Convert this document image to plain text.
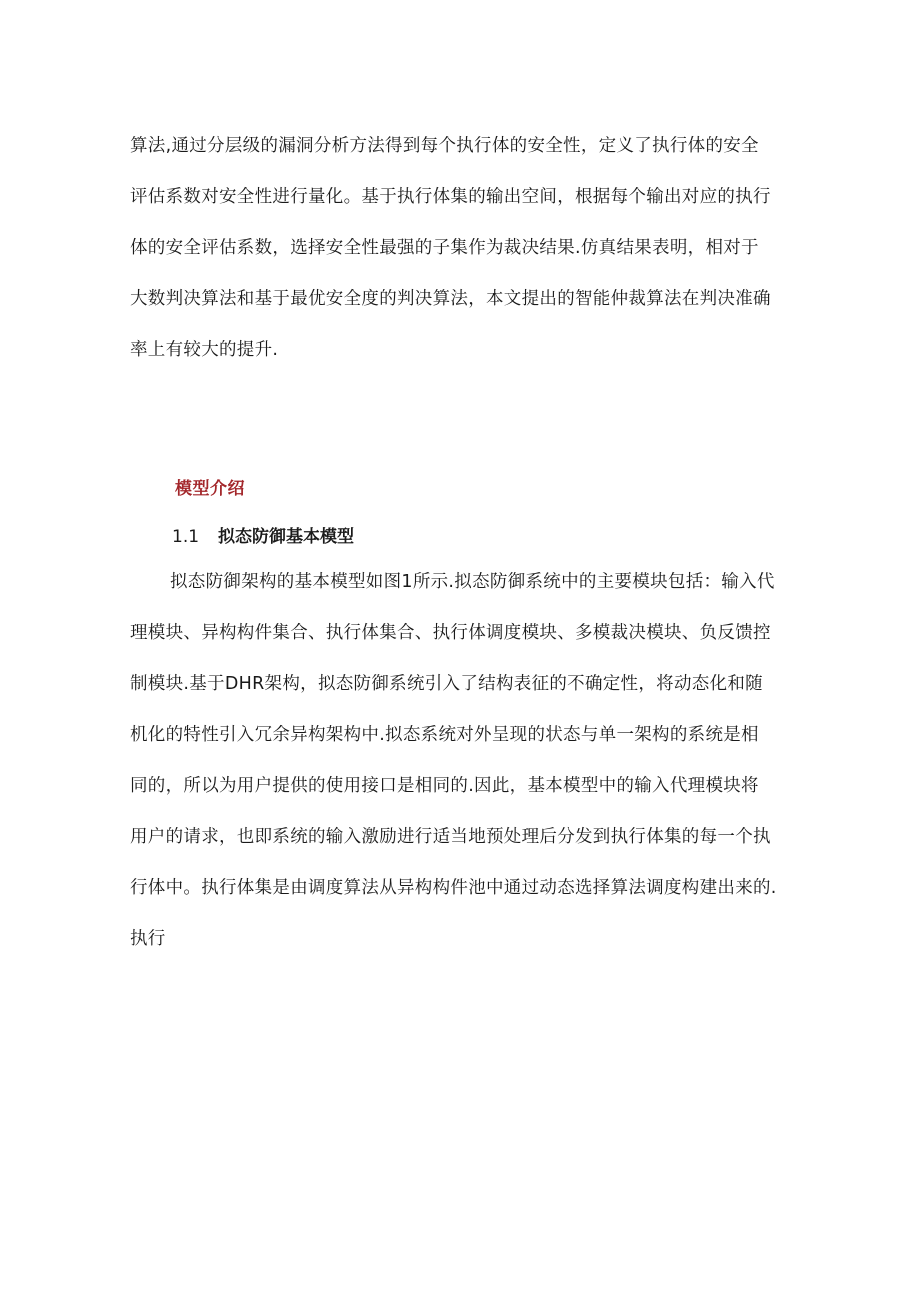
算法,通过分层级的漏洞分析方法得到每个执行体的安全性，定义了执行体的安全
评估系数对安全性进行量化。基于执行体集的输出空间，根据每个输出对应的执行
体的安全评估系数，选择安全性最强的子集作为裁决结果.仿真结果表明，相对于
大数判决算法和基于最优安全度的判决算法，本文提出的智能仲裁算法在判决准确
率上有较大的提升.

模型介绍
1.1 拟态防御基本模型

拟态防御架构的基本模型如图1所示.拟态防御系统中的主要模块包括：输入代
理模块、异构构件集合、执行体集合、执行体调度模块、多模裁决模块、负反馈控
制模块.基于DHR架构，拟态防御系统引入了结构表征的不确定性，将动态化和随
机化的特性引入冗余异构架构中.拟态系统对外呈现的状态与单一架构的系统是相
同的，所以为用户提供的使用接口是相同的.因此，基本模型中的输入代理模块将
用户的请求，也即系统的输入激励进行适当地预处理后分发到执行体集的每一个执
行体中。执行体集是由调度算法从异构构件池中通过动态选择算法调度构建出来的.
执行
